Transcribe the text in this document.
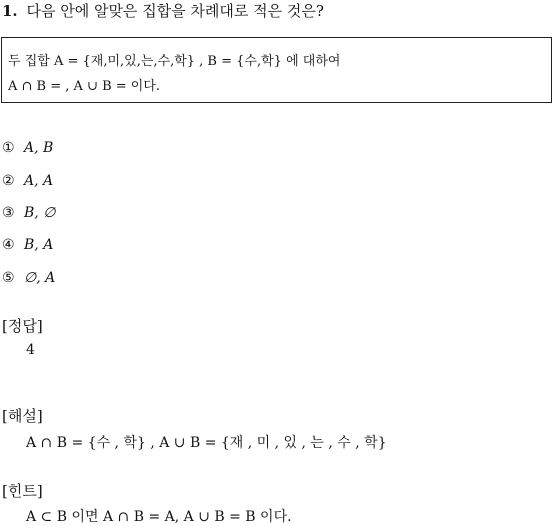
1. 다음 안에 알맞은 집합을 차례대로 적은 것은?
두 집합 A = {재,미,있,는,수,학} , B = {수,학} 에 대하여
A ∩ B = , A ∪ B = 이다.
① A, B
② A, A
③ B, ∅
④ B, A
⑤ ∅, A
[정답]
4
[해설]
A ∩ B = {수 , 학} , A ∪ B = {재 , 미 , 있 , 는 , 수 , 학}
[힌트]
A ⊂ B 이면 A ∩ B = A, A ∪ B = B 이다.
